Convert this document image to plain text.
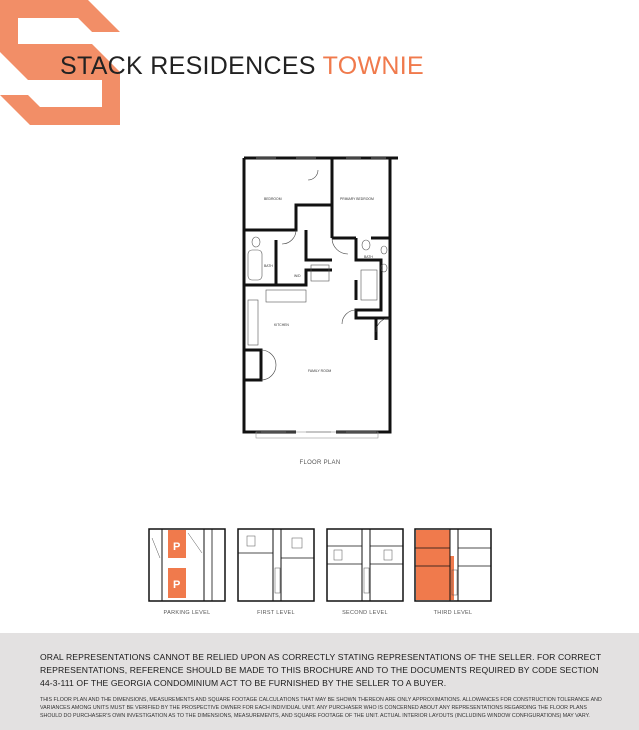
STACK RESIDENCES TOWNIE
BEDROOM	PRIMARY BEDROOM
BATH
BATH
W/D
KITCHEN
FAMILY ROOM
FLOOR PLAN
P
P
PARKING LEVEL	FIRST LEVEL	SECOND LEVEL	THIRD LEVEL
ORAL REPRESENTATIONS CANNOT BE RELIED UPON AS CORRECTLY STATING REPRESENTATIONS OF THE SELLER. FOR CORRECT REPRESENTATIONS, REFERENCE SHOULD BE MADE TO THIS BROCHURE AND TO THE DOCUMENTS REQUIRED BY CODE SECTION 44-3-111 OF THE GEORGIA CONDOMINIUM ACT TO BE FURNISHED BY THE SELLER TO A BUYER.
THIS FLOOR PLAN AND THE DIMENSIONS, MEASUREMENTS AND SQUARE FOOTAGE CALCULATIONS THAT MAY BE SHOWN THEREON ARE ONLY APPROXIMATIONS. ALLOWANCES FOR CONSTRUCTION TOLERANCE AND VARIANCES AMONG UNITS MUST BE VERIFIED BY THE PROSPECTIVE OWNER FOR EACH INDIVIDUAL UNIT. ANY PURCHASER WHO IS CONCERNED ABOUT ANY REPRESENTATIONS REGARDING THE FLOOR PLANS SHOULD DO PURCHASER'S OWN INVESTIGATION AS TO THE DIMENSIONS, MEASUREMENTS, AND SQUARE FOOTAGE OF THE UNIT. ACTUAL INTERIOR LAYOUTS (INCLUDING WINDOW CONFIGURATIONS) MAY VARY.
